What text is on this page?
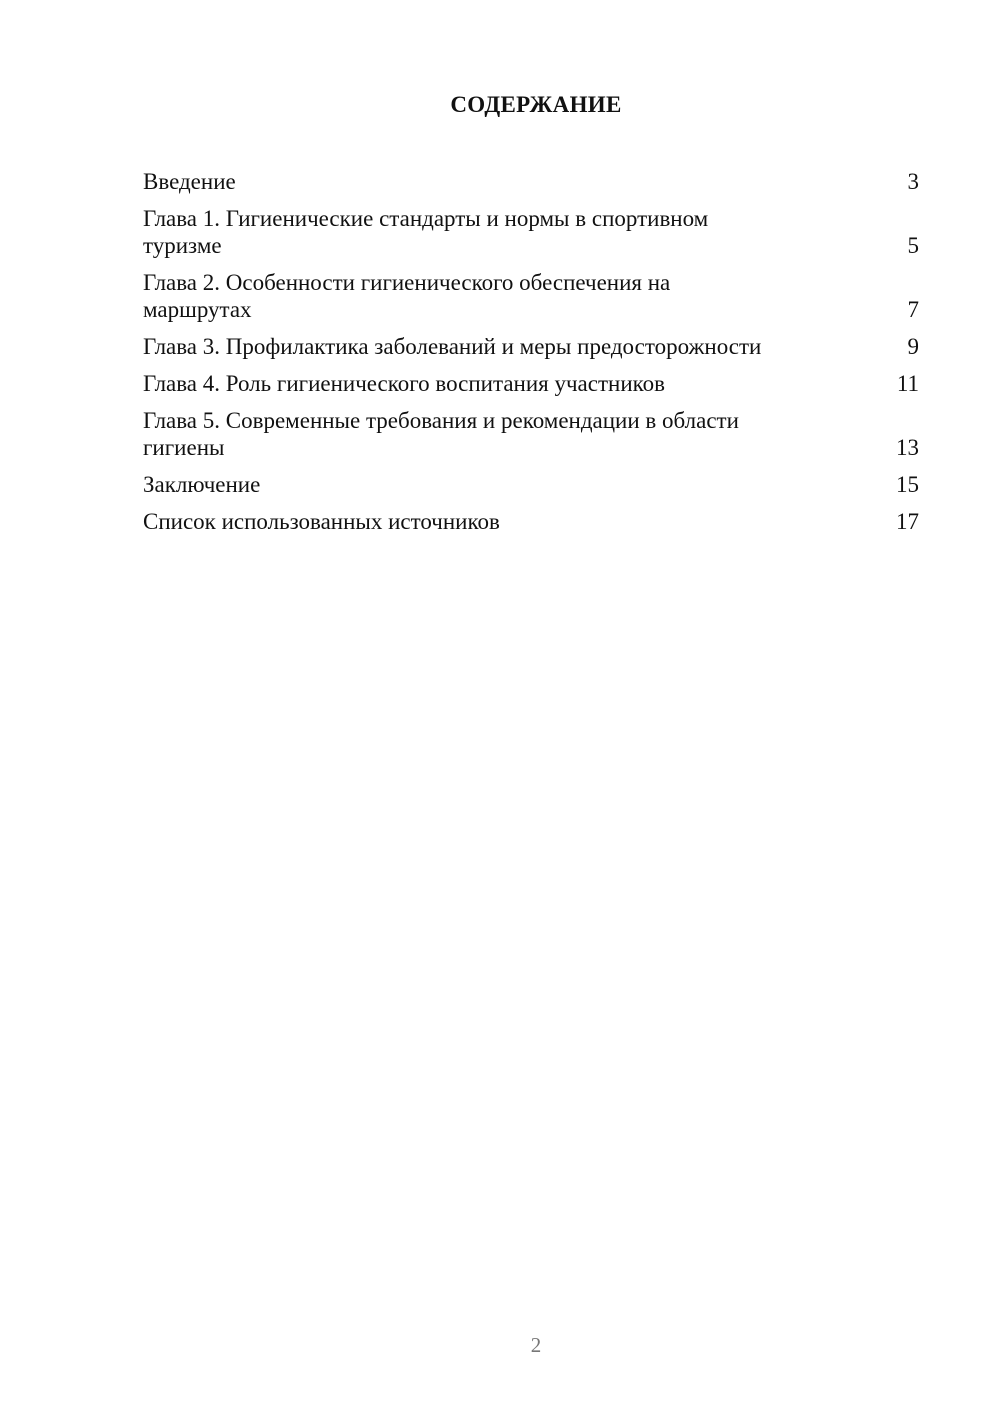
СОДЕРЖАНИЕ
Введение	3
Глава 1. Гигиенические стандарты и нормы в спортивном туризме	5
Глава 2. Особенности гигиенического обеспечения на маршрутах	7
Глава 3. Профилактика заболеваний и меры предосторожности	9
Глава 4. Роль гигиенического воспитания участников	11
Глава 5. Современные требования и рекомендации в области гигиены	13
Заключение	15
Список использованных источников	17
2
